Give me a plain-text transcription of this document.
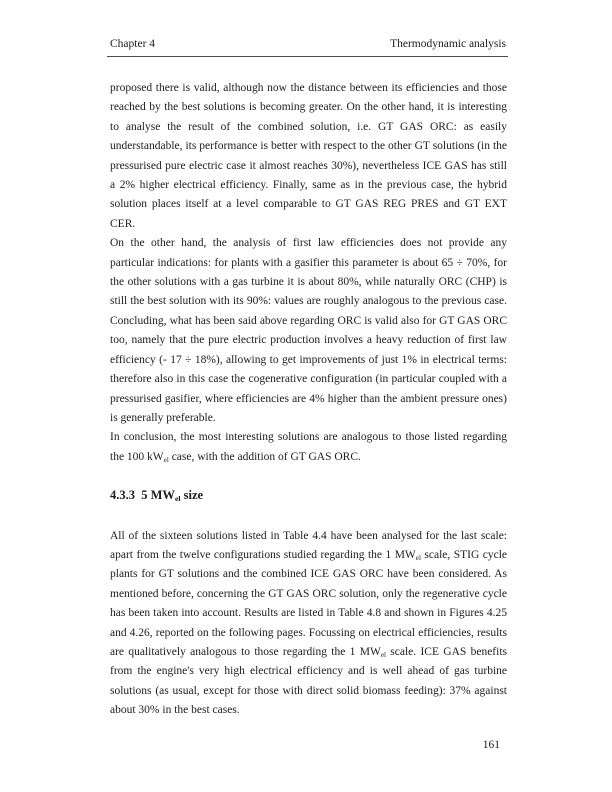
Chapter 4	Thermodynamic analysis

proposed there is valid, although now the distance between its efficiencies and those reached by the best solutions is becoming greater. On the other hand, it is interesting to analyse the result of the combined solution, i.e. GT GAS ORC: as easily understandable, its performance is better with respect to the other GT solutions (in the pressurised pure electric case it almost reaches 30%), nevertheless ICE GAS has still a 2% higher electrical efficiency. Finally, same as in the previous case, the hybrid solution places itself at a level comparable to GT GAS REG PRES and GT EXT CER.

On the other hand, the analysis of first law efficiencies does not provide any particular indications: for plants with a gasifier this parameter is about 65 ÷ 70%, for the other solutions with a gas turbine it is about 80%, while naturally ORC (CHP) is still the best solution with its 90%: values are roughly analogous to the previous case. Concluding, what has been said above regarding ORC is valid also for GT GAS ORC too, namely that the pure electric production involves a heavy reduction of first law efficiency (- 17 ÷ 18%), allowing to get improvements of just 1% in electrical terms: therefore also in this case the cogenerative configuration (in particular coupled with a pressurised gasifier, where efficiencies are 4% higher than the ambient pressure ones) is generally preferable.

In conclusion, the most interesting solutions are analogous to those listed regarding the 100 $kW_{el}$ case, with the addition of GT GAS ORC.

4.3.3  5 $MW_{el}$ size

All of the sixteen solutions listed in Table 4.4 have been analysed for the last scale: apart from the twelve configurations studied regarding the 1 $MW_{el}$ scale, STIG cycle plants for GT solutions and the combined ICE GAS ORC have been considered. As mentioned before, concerning the GT GAS ORC solution, only the regenerative cycle has been taken into account. Results are listed in Table 4.8 and shown in Figures 4.25 and 4.26, reported on the following pages. Focussing on electrical efficiencies, results are qualitatively analogous to those regarding the 1 $MW_{el}$ scale. ICE GAS benefits from the engine's very high electrical efficiency and is well ahead of gas turbine solutions (as usual, except for those with direct solid biomass feeding): 37% against about 30% in the best cases.

161
